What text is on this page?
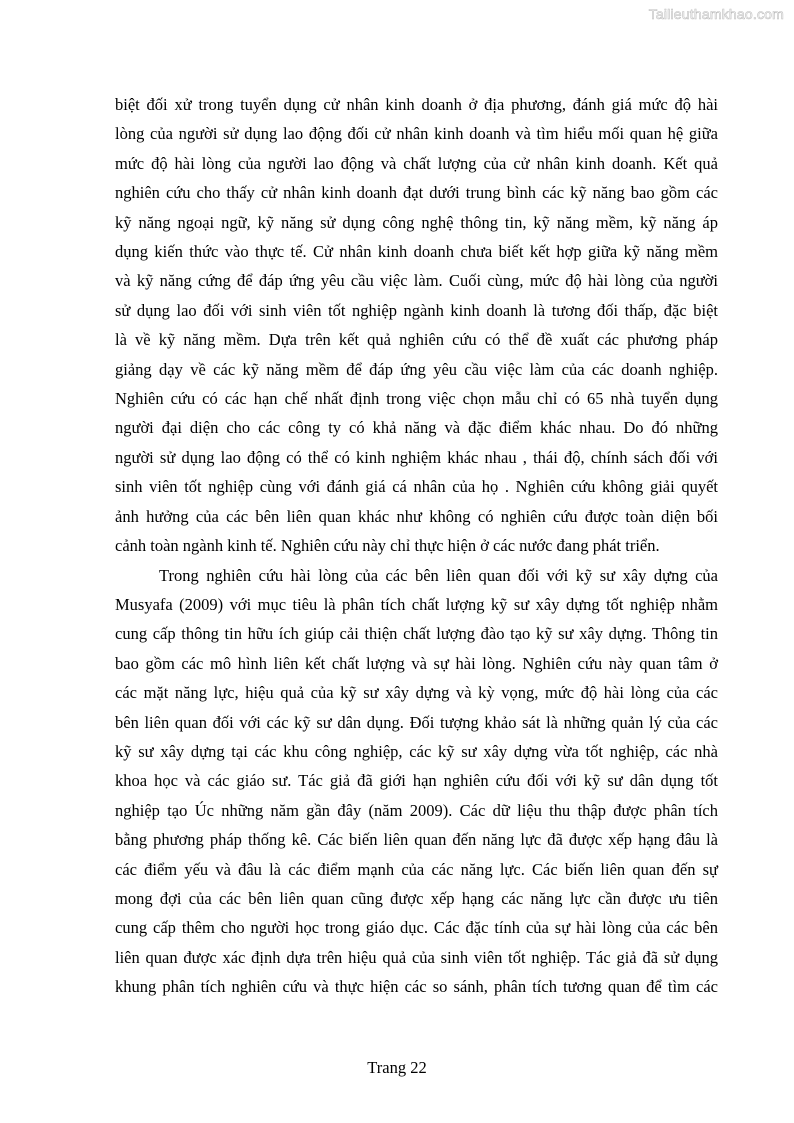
Tailieuthamkhao.com
biệt đối xử trong tuyển dụng cử nhân kinh doanh ở địa phương, đánh giá mức độ hài
lòng của người sử dụng lao động đối cử nhân kinh doanh và tìm hiểu mối quan hệ giữa
mức độ hài lòng của người lao động và chất lượng của cử nhân kinh doanh. Kết quả
nghiên cứu cho thấy cử nhân kinh doanh đạt dưới trung bình các kỹ năng bao gồm các
kỹ năng ngoại ngữ, kỹ năng sử dụng công nghệ thông tin, kỹ năng mềm, kỹ năng áp
dụng kiến thức vào thực tế. Cử nhân kinh doanh chưa biết kết hợp giữa kỹ năng mềm
và kỹ năng cứng để đáp ứng yêu cầu việc làm. Cuối cùng, mức độ hài lòng của người
sử dụng lao đối với sinh viên tốt nghiệp ngành kinh doanh là tương đối thấp, đặc biệt
là về kỹ năng mềm. Dựa trên kết quả nghiên cứu có thể đề xuất các phương pháp
giảng dạy về các kỹ năng mềm để đáp ứng yêu cầu việc làm của các doanh nghiệp.
Nghiên cứu có các hạn chế nhất định trong việc chọn mẫu chỉ có 65 nhà tuyển dụng
người đại diện cho các công ty có khả năng và đặc điểm khác nhau. Do đó những
người sử dụng lao động có thể có kinh nghiệm khác nhau , thái độ, chính sách đối với
sinh viên tốt nghiệp cùng với đánh giá cá nhân của họ . Nghiên cứu không giải quyết
ảnh hưởng của các bên liên quan khác như không có nghiên cứu được toàn diện bối
cảnh toàn ngành kinh tế. Nghiên cứu này chỉ thực hiện ở các nước đang phát triển.
Trong nghiên cứu hài lòng của các bên liên quan đối với kỹ sư xây dựng của
Musyafa (2009) với mục tiêu là phân tích chất lượng kỹ sư xây dựng tốt nghiệp nhằm
cung cấp thông tin hữu ích giúp cải thiện chất lượng đào tạo kỹ sư xây dựng. Thông tin
bao gồm các mô hình liên kết chất lượng và sự hài lòng. Nghiên cứu này quan tâm ở
các mặt năng lực, hiệu quả của kỹ sư xây dựng và kỳ vọng, mức độ hài lòng của các
bên liên quan đối với các kỹ sư dân dụng. Đối tượng khảo sát là những quản lý của các
kỹ sư xây dựng tại các khu công nghiệp, các kỹ sư xây dựng vừa tốt nghiệp, các nhà
khoa học và các giáo sư. Tác giả đã giới hạn nghiên cứu đối với kỹ sư dân dụng tốt
nghiệp tạo Úc những năm gần đây (năm 2009). Các dữ liệu thu thập được phân tích
bằng phương pháp thống kê. Các biến liên quan đến năng lực đã được xếp hạng đâu là
các điểm yếu và đâu là các điểm mạnh của các năng lực. Các biến liên quan đến sự
mong đợi của các bên liên quan cũng được xếp hạng các năng lực cần được ưu tiên
cung cấp thêm cho người học trong giáo dục. Các đặc tính của sự hài lòng của các bên
liên quan được xác định dựa trên hiệu quả của sinh viên tốt nghiệp. Tác giả đã sử dụng
khung phân tích nghiên cứu và thực hiện các so sánh, phân tích tương quan để tìm các
Trang 22
